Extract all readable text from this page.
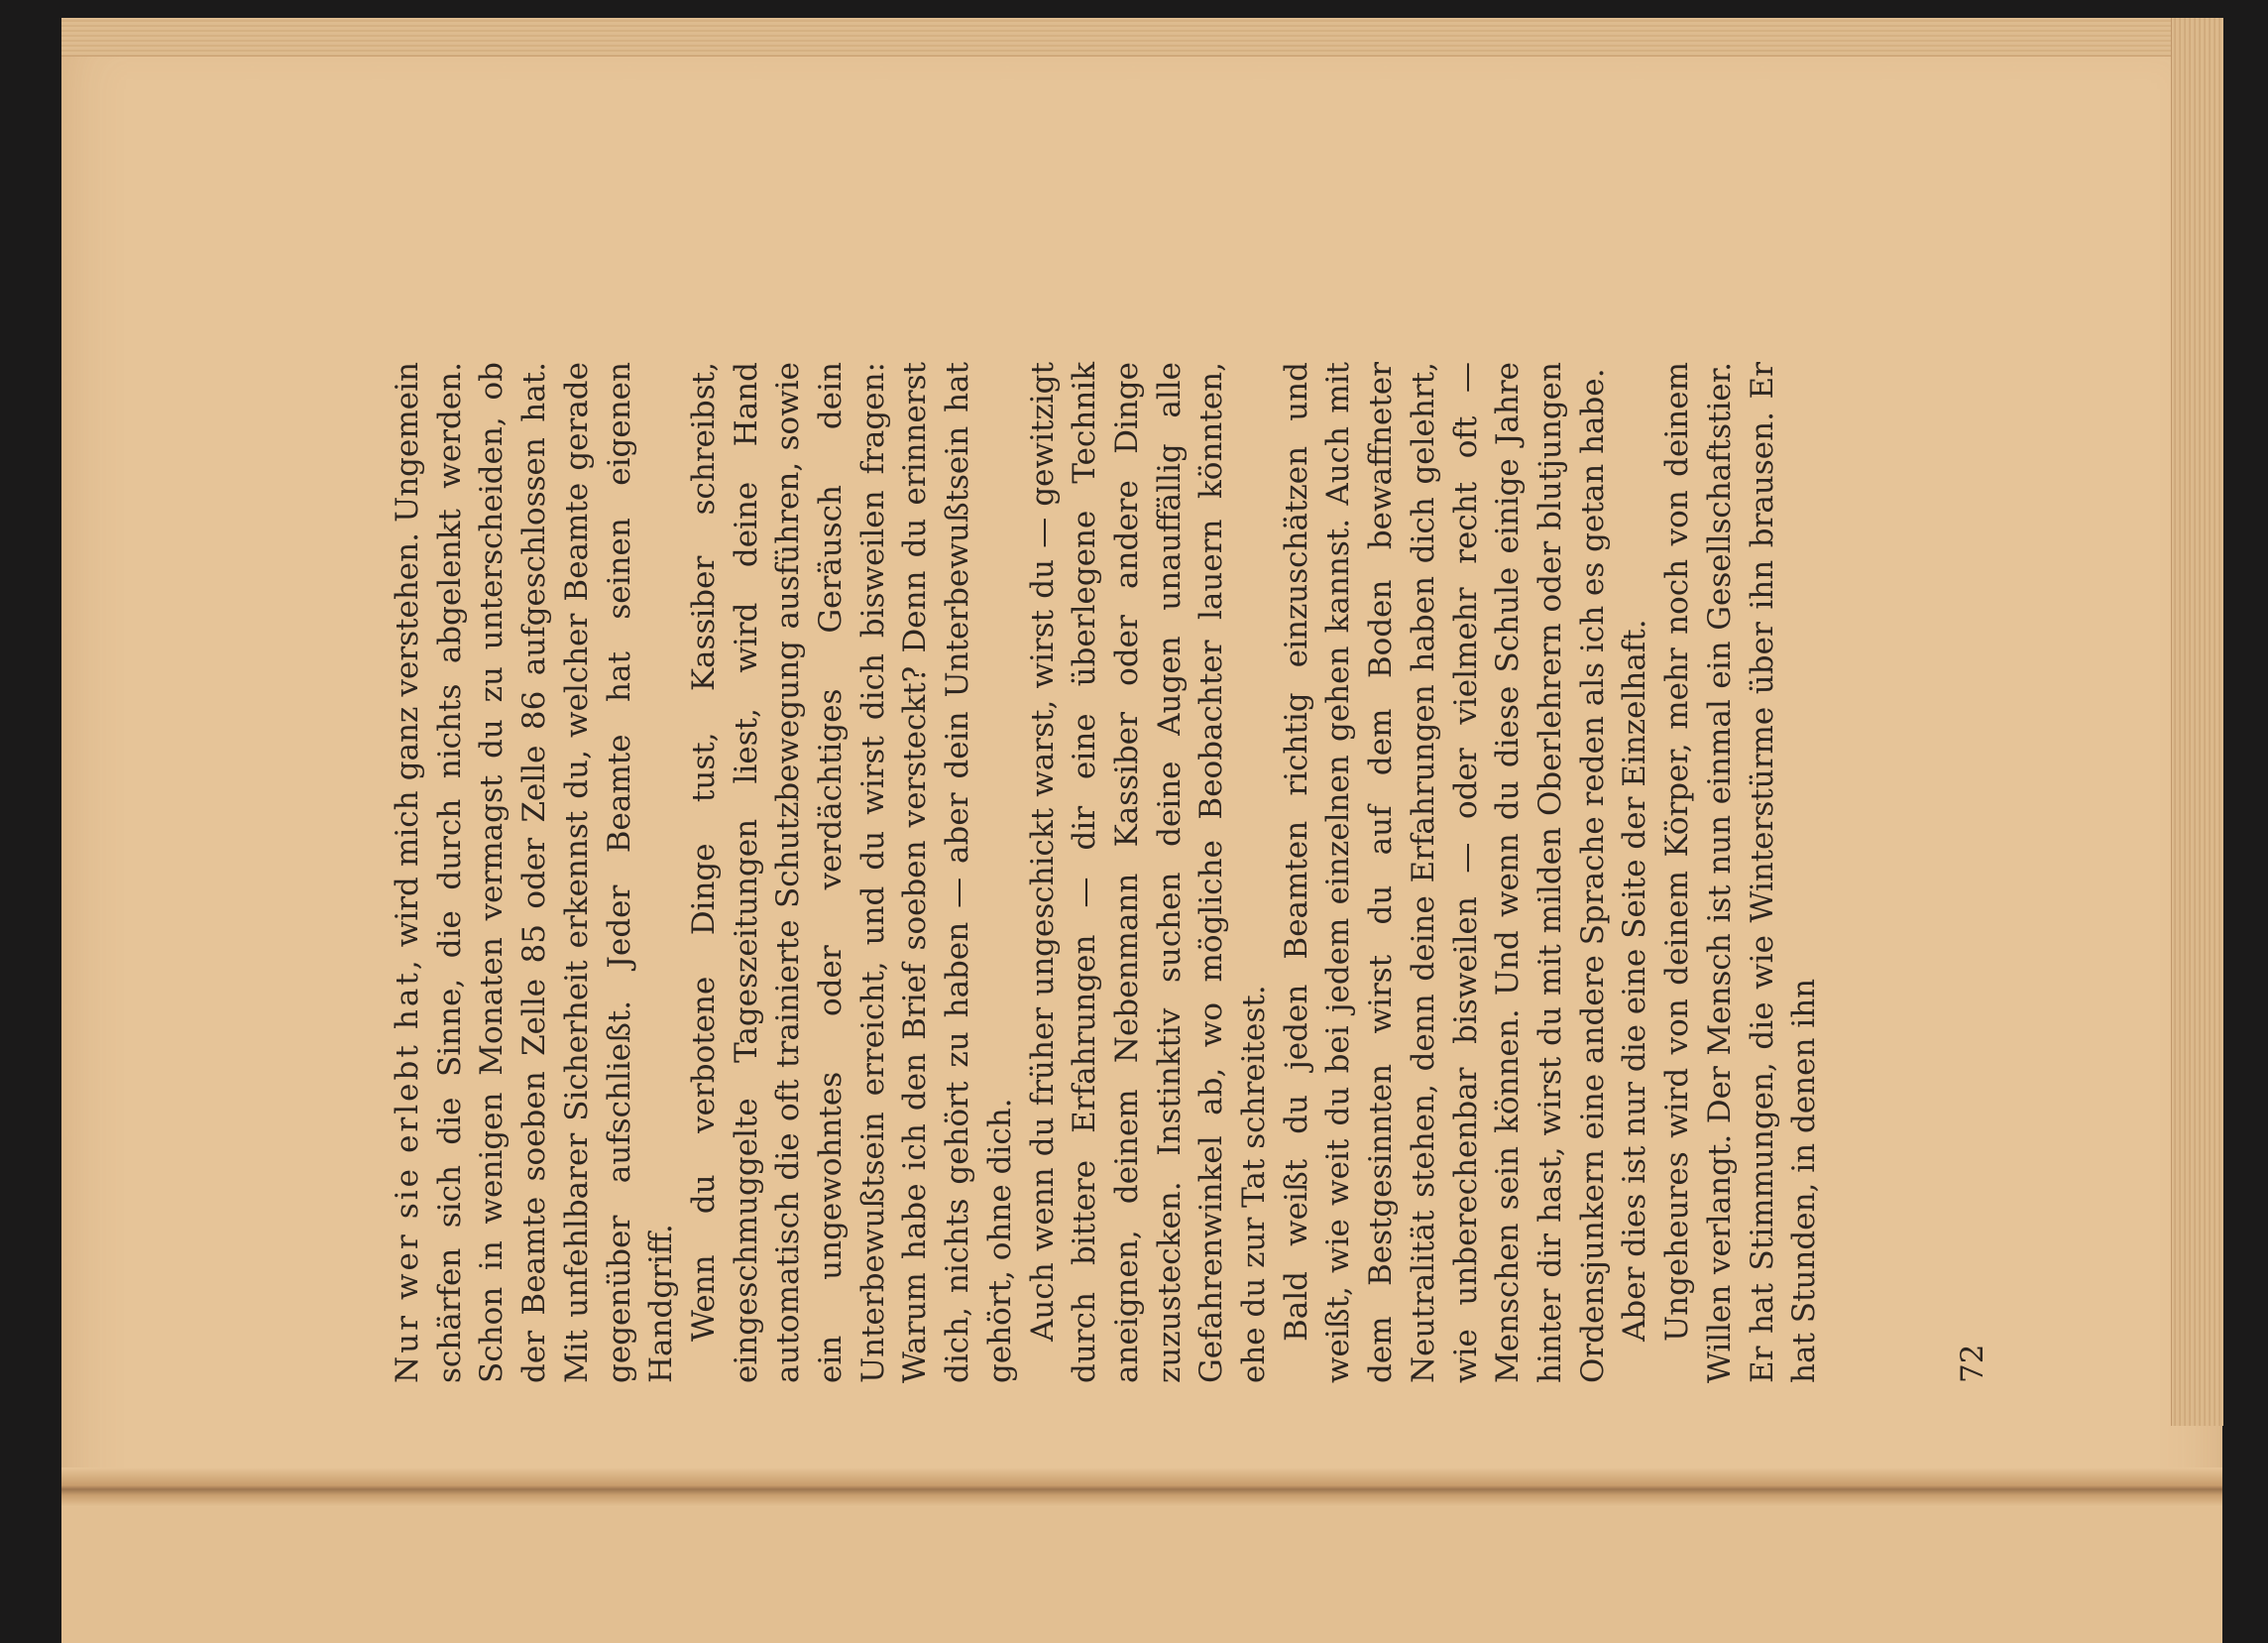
Nur wer sie erlebt hat, wird mich ganz verstehen. Ungemein schärfen sich die Sinne, die durch nichts abgelenkt werden. Schon in wenigen Monaten vermagst du zu unterscheiden, ob der Beamte soeben Zelle 85 oder Zelle 86 aufgeschlossen hat. Mit unfehlbarer Sicherheit erkennst du, welcher Beamte gerade gegenüber aufschließt. Jeder Beamte hat seinen eigenen Handgriff. Wenn du verbotene Dinge tust, Kassiber schreibst, eingeschmuggelte Tageszeitungen liest, wird deine Hand automatisch die oft trainierte Schutzbewegung ausführen, sowie ein ungewohntes oder verdächtiges Geräusch dein Unterbewußtsein erreicht, und du wirst dich bisweilen fragen: Warum habe ich den Brief soeben versteckt? Denn du erinnerst dich, nichts gehört zu haben — aber dein Unterbewußtsein hat gehört, ohne dich. Auch wenn du früher ungeschickt warst, wirst du — gewitzigt durch bittere Erfahrungen — dir eine überlegene Technik aneignen, deinem Nebenmann Kassiber oder andere Dinge zuzustecken. Instinktiv suchen deine Augen unauffällig alle Gefahrenwinkel ab, wo mögliche Beobachter lauern könnten, ehe du zur Tat schreitest. Bald weißt du jeden Beamten richtig einzuschätzen und weißt, wie weit du bei jedem einzelnen gehen kannst. Auch mit dem Bestgesinnten wirst du auf dem Boden bewaffneter Neutralität stehen, denn deine Erfahrungen haben dich gelehrt, wie unberechenbar bisweilen — oder vielmehr recht oft — Menschen sein können. Und wenn du diese Schule einige Jahre hinter dir hast, wirst du mit milden Oberlehrern oder blutjungen Ordensjunkern eine andere Sprache reden als ich es getan habe. Aber dies ist nur die eine Seite der Einzelhaft. Ungeheures wird von deinem Körper, mehr noch von deinem Willen verlangt. Der Mensch ist nun einmal ein Gesellschaftstier. Er hat Stimmungen, die wie Winterstürme über ihn brausen. Er hat Stunden, in denen ihn	72
